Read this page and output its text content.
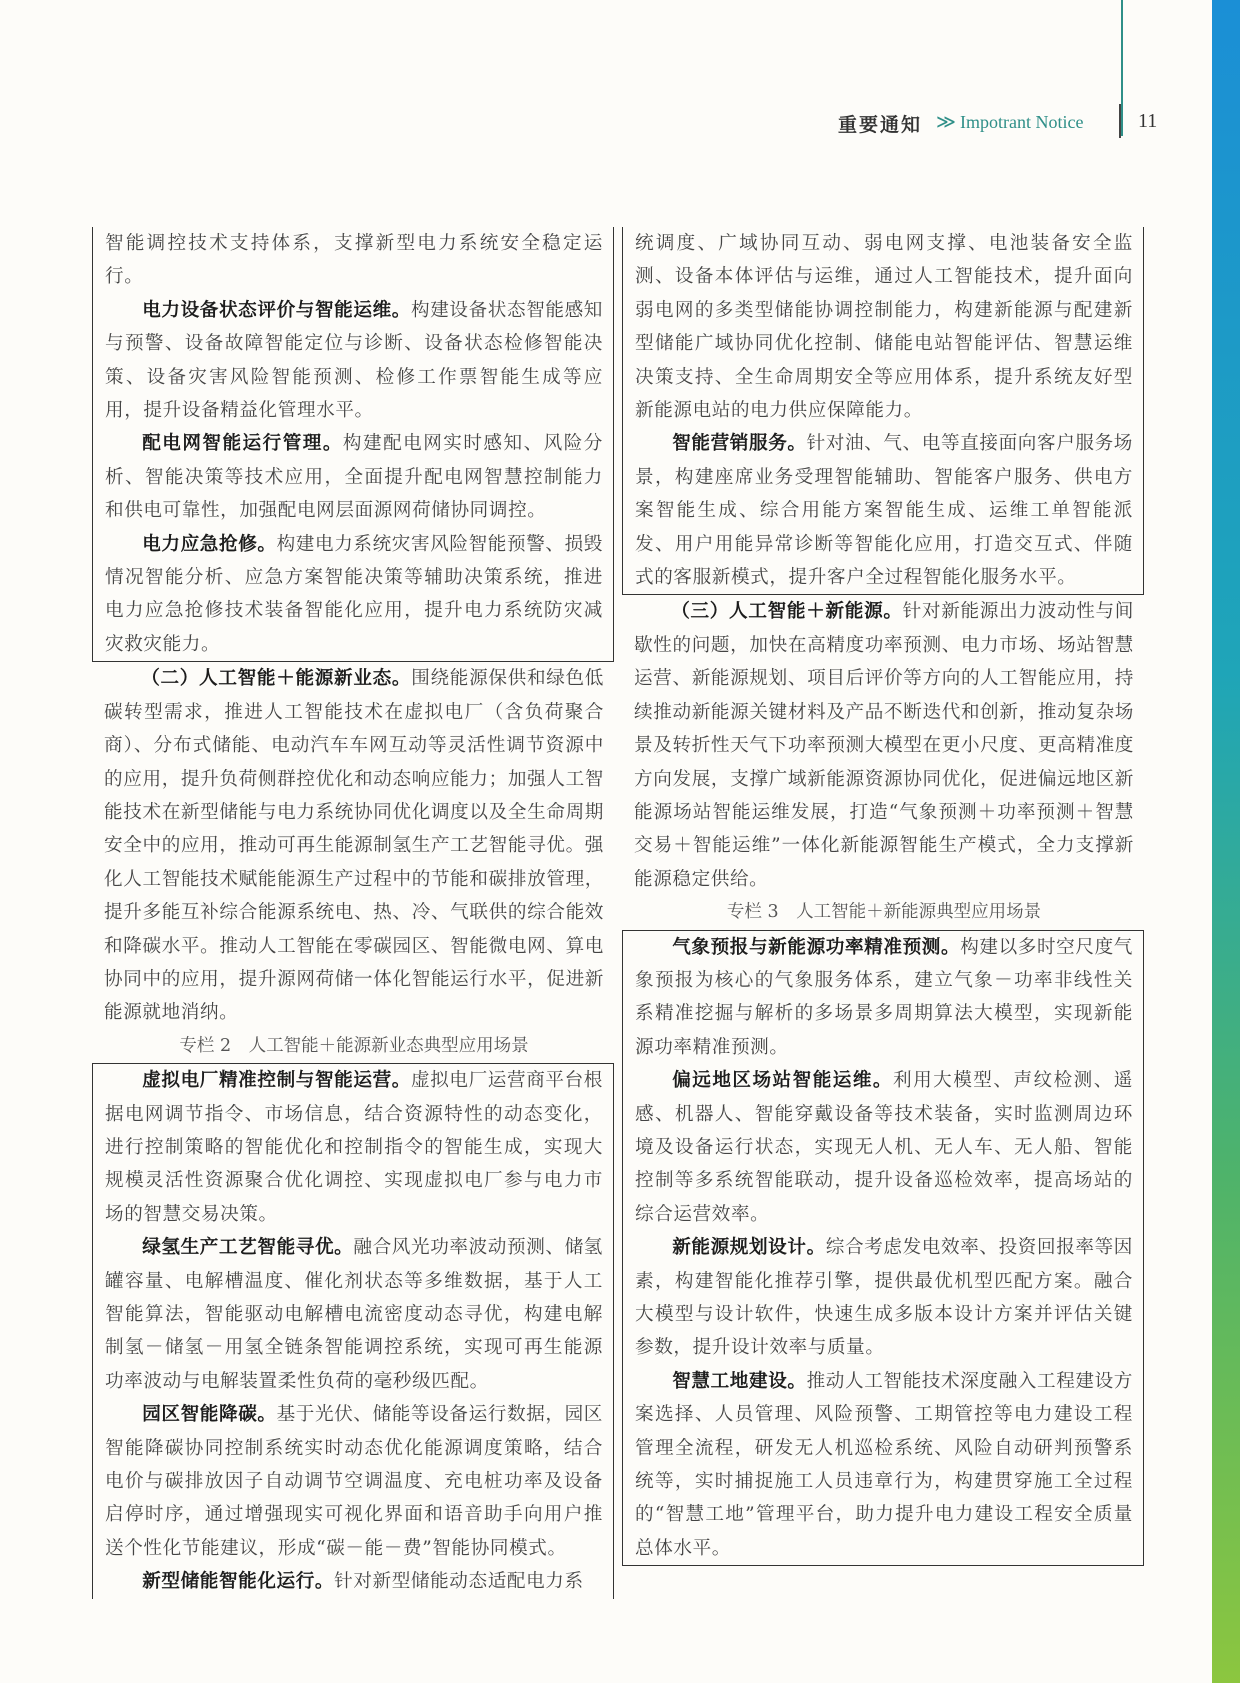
重要通知 ≫ Impotrant Notice	11

智能调控技术支持体系，支撑新型电力系统安全稳定运行。

电力设备状态评价与智能运维。构建设备状态智能感知与预警、设备故障智能定位与诊断、设备状态检修智能决策、设备灾害风险智能预测、检修工作票智能生成等应用，提升设备精益化管理水平。

配电网智能运行管理。构建配电网实时感知、风险分析、智能决策等技术应用，全面提升配电网智慧控制能力和供电可靠性，加强配电网层面源网荷储协同调控。

电力应急抢修。构建电力系统灾害风险智能预警、损毁情况智能分析、应急方案智能决策等辅助决策系统，推进电力应急抢修技术装备智能化应用，提升电力系统防灾减灾救灾能力。

（二）人工智能＋能源新业态。围绕能源保供和绿色低碳转型需求，推进人工智能技术在虚拟电厂（含负荷聚合商）、分布式储能、电动汽车车网互动等灵活性调节资源中的应用，提升负荷侧群控优化和动态响应能力；加强人工智能技术在新型储能与电力系统协同优化调度以及全生命周期安全中的应用，推动可再生能源制氢生产工艺智能寻优。强化人工智能技术赋能能源生产过程中的节能和碳排放管理，提升多能互补综合能源系统电、热、冷、气联供的综合能效和降碳水平。推动人工智能在零碳园区、智能微电网、算电协同中的应用，提升源网荷储一体化智能运行水平，促进新能源就地消纳。

专栏 2　人工智能＋能源新业态典型应用场景

虚拟电厂精准控制与智能运营。虚拟电厂运营商平台根据电网调节指令、市场信息，结合资源特性的动态变化，进行控制策略的智能优化和控制指令的智能生成，实现大规模灵活性资源聚合优化调控、实现虚拟电厂参与电力市场的智慧交易决策。

绿氢生产工艺智能寻优。融合风光功率波动预测、储氢罐容量、电解槽温度、催化剂状态等多维数据，基于人工智能算法，智能驱动电解槽电流密度动态寻优，构建电解制氢－储氢－用氢全链条智能调控系统，实现可再生能源功率波动与电解装置柔性负荷的毫秒级匹配。

园区智能降碳。基于光伏、储能等设备运行数据，园区智能降碳协同控制系统实时动态优化能源调度策略，结合电价与碳排放因子自动调节空调温度、充电桩功率及设备启停时序，通过增强现实可视化界面和语音助手向用户推送个性化节能建议，形成“碳－能－费”智能协同模式。

新型储能智能化运行。针对新型储能动态适配电力系

统调度、广域协同互动、弱电网支撑、电池装备安全监测、设备本体评估与运维，通过人工智能技术，提升面向弱电网的多类型储能协调控制能力，构建新能源与配建新型储能广域协同优化控制、储能电站智能评估、智慧运维决策支持、全生命周期安全等应用体系，提升系统友好型新能源电站的电力供应保障能力。

智能营销服务。针对油、气、电等直接面向客户服务场景，构建座席业务受理智能辅助、智能客户服务、供电方案智能生成、综合用能方案智能生成、运维工单智能派发、用户用能异常诊断等智能化应用，打造交互式、伴随式的客服新模式，提升客户全过程智能化服务水平。

（三）人工智能＋新能源。针对新能源出力波动性与间歇性的问题，加快在高精度功率预测、电力市场、场站智慧运营、新能源规划、项目后评价等方向的人工智能应用，持续推动新能源关键材料及产品不断迭代和创新，推动复杂场景及转折性天气下功率预测大模型在更小尺度、更高精准度方向发展，支撑广域新能源资源协同优化，促进偏远地区新能源场站智能运维发展，打造“气象预测＋功率预测＋智慧交易＋智能运维”一体化新能源智能生产模式，全力支撑新能源稳定供给。

专栏 3　人工智能＋新能源典型应用场景

气象预报与新能源功率精准预测。构建以多时空尺度气象预报为核心的气象服务体系，建立气象－功率非线性关系精准挖掘与解析的多场景多周期算法大模型，实现新能源功率精准预测。

偏远地区场站智能运维。利用大模型、声纹检测、遥感、机器人、智能穿戴设备等技术装备，实时监测周边环境及设备运行状态，实现无人机、无人车、无人船、智能控制等多系统智能联动，提升设备巡检效率，提高场站的综合运营效率。

新能源规划设计。综合考虑发电效率、投资回报率等因素，构建智能化推荐引擎，提供最优机型匹配方案。融合大模型与设计软件，快速生成多版本设计方案并评估关键参数，提升设计效率与质量。

智慧工地建设。推动人工智能技术深度融入工程建设方案选择、人员管理、风险预警、工期管控等电力建设工程管理全流程，研发无人机巡检系统、风险自动研判预警系统等，实时捕捉施工人员违章行为，构建贯穿施工全过程的“智慧工地”管理平台，助力提升电力建设工程安全质量总体水平。
